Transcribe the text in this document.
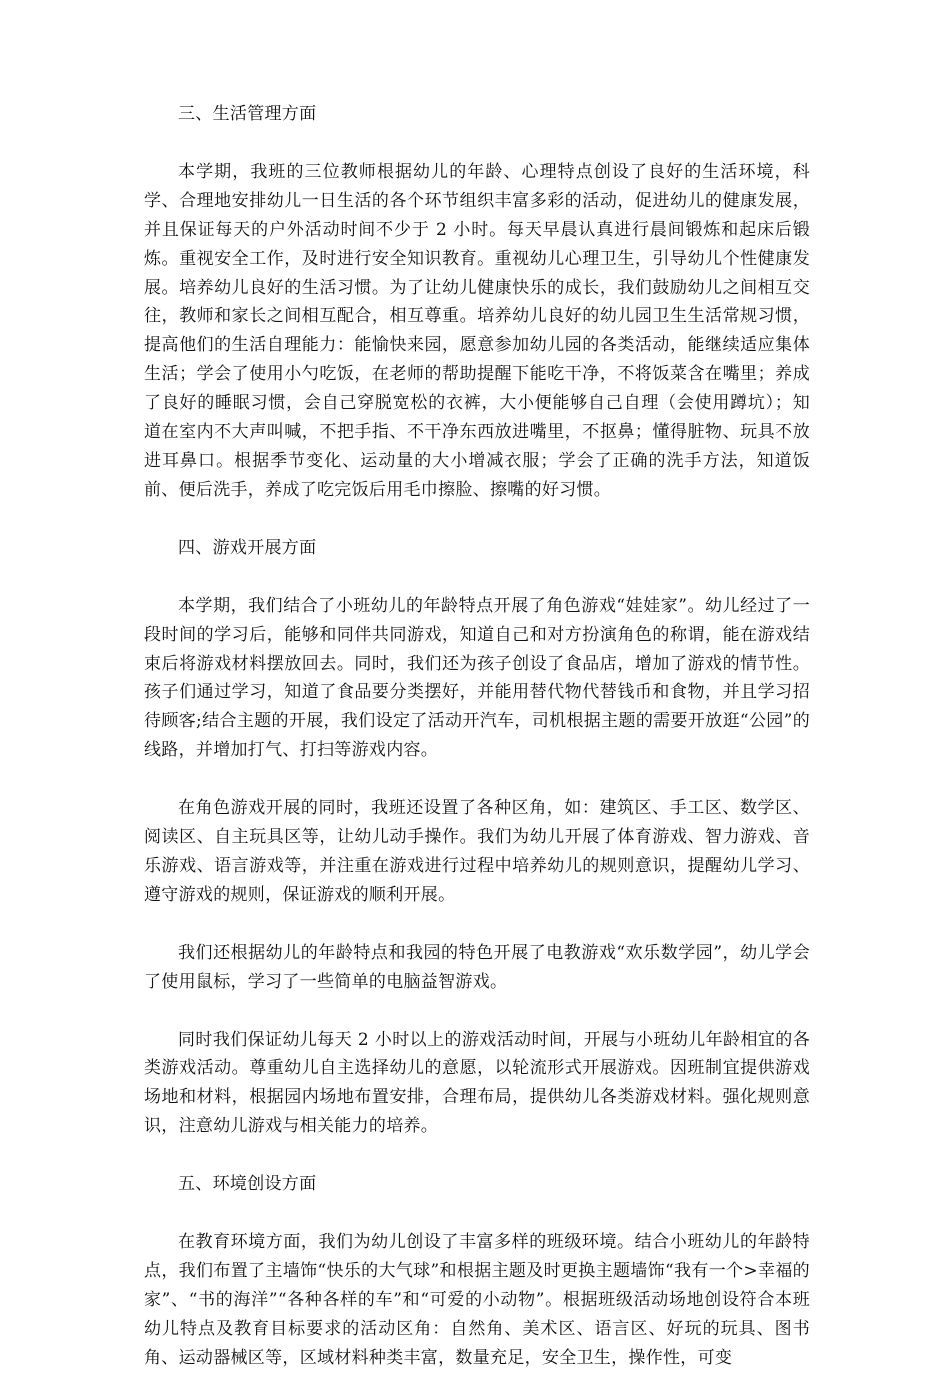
三、生活管理方面

本学期，我班的三位教师根据幼儿的年龄、心理特点创设了良好的生活环境，科学、合理地安排幼儿一日生活的各个环节组织丰富多彩的活动，促进幼儿的健康发展，并且保证每天的户外活动时间不少于 2 小时。每天早晨认真进行晨间锻炼和起床后锻炼。重视安全工作，及时进行安全知识教育。重视幼儿心理卫生，引导幼儿个性健康发展。培养幼儿良好的生活习惯。为了让幼儿健康快乐的成长，我们鼓励幼儿之间相互交往，教师和家长之间相互配合，相互尊重。培养幼儿良好的幼儿园卫生生活常规习惯，提高他们的生活自理能力：能愉快来园，愿意参加幼儿园的各类活动，能继续适应集体生活；学会了使用小勺吃饭，在老师的帮助提醒下能吃干净，不将饭菜含在嘴里；养成了良好的睡眠习惯，会自己穿脱宽松的衣裤，大小便能够自己自理（会使用蹲坑）；知道在室内不大声叫喊，不把手指、不干净东西放进嘴里，不抠鼻；懂得脏物、玩具不放进耳鼻口。根据季节变化、运动量的大小增减衣服；学会了正确的洗手方法，知道饭前、便后洗手，养成了吃完饭后用毛巾擦脸、擦嘴的好习惯。

四、游戏开展方面

本学期，我们结合了小班幼儿的年龄特点开展了角色游戏“娃娃家”。幼儿经过了一段时间的学习后，能够和同伴共同游戏，知道自己和对方扮演角色的称谓，能在游戏结束后将游戏材料摆放回去。同时，我们还为孩子创设了食品店，增加了游戏的情节性。孩子们通过学习，知道了食品要分类摆好，并能用替代物代替钱币和食物，并且学习招待顾客;结合主题的开展，我们设定了活动开汽车，司机根据主题的需要开放逛“公园”的线路，并增加打气、打扫等游戏内容。

在角色游戏开展的同时，我班还设置了各种区角，如：建筑区、手工区、数学区、阅读区、自主玩具区等，让幼儿动手操作。我们为幼儿开展了体育游戏、智力游戏、音乐游戏、语言游戏等，并注重在游戏进行过程中培养幼儿的规则意识，提醒幼儿学习、遵守游戏的规则，保证游戏的顺利开展。

我们还根据幼儿的年龄特点和我园的特色开展了电教游戏“欢乐数学园”，幼儿学会了使用鼠标，学习了一些简单的电脑益智游戏。

同时我们保证幼儿每天 2 小时以上的游戏活动时间，开展与小班幼儿年龄相宜的各类游戏活动。尊重幼儿自主选择幼儿的意愿，以轮流形式开展游戏。因班制宜提供游戏场地和材料，根据园内场地布置安排，合理布局，提供幼儿各类游戏材料。强化规则意识，注意幼儿游戏与相关能力的培养。

五、环境创设方面

在教育环境方面，我们为幼儿创设了丰富多样的班级环境。结合小班幼儿的年龄特点，我们布置了主墙饰“快乐的大气球”和根据主题及时更换主题墙饰“我有一个>幸福的家”、“书的海洋”“各种各样的车”和“可爱的小动物”。根据班级活动场地创设符合本班幼儿特点及教育目标要求的活动区角：自然角、美术区、语言区、好玩的玩具、图书角、运动器械区等，区域材料种类丰富，数量充足，安全卫生，操作性，可变
